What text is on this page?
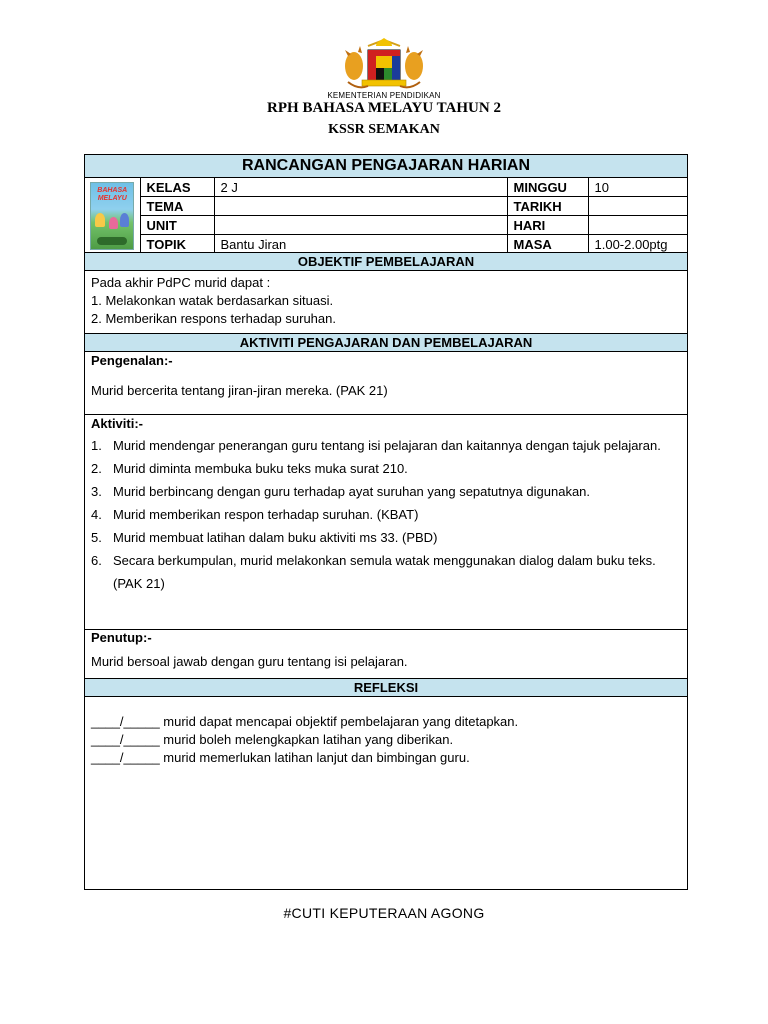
KEMENTERIAN PENDIDIKAN
RPH BAHASA MELAYU TAHUN 2
KSSR SEMAKAN
RANCANGAN PENGAJARAN HARIAN
BAHASA MELAYU	KELAS	2 J	MINGGU	10
	TEMA		TARIKH	
	UNIT		HARI	
	TOPIK	Bantu Jiran	MASA	1.00-2.00ptg
OBJEKTIF PEMBELAJARAN
Pada akhir PdPC murid dapat :
1. Melakonkan watak berdasarkan situasi.
2. Memberikan respons terhadap suruhan.
AKTIVITI PENGAJARAN DAN PEMBELAJARAN
Pengenalan:-
Murid bercerita tentang jiran-jiran mereka. (PAK 21)
Aktiviti:-
1. Murid mendengar penerangan guru tentang isi pelajaran dan kaitannya dengan tajuk pelajaran.
2. Murid diminta membuka buku teks muka surat 210.
3. Murid berbincang dengan guru terhadap ayat suruhan yang sepatutnya digunakan.
4. Murid memberikan respon terhadap suruhan. (KBAT)
5. Murid membuat latihan dalam buku aktiviti ms 33. (PBD)
6. Secara berkumpulan, murid melakonkan semula watak menggunakan dialog dalam buku teks. (PAK 21)
Penutup:-
Murid bersoal jawab dengan guru tentang isi pelajaran.
REFLEKSI
____/_____ murid dapat mencapai objektif pembelajaran yang ditetapkan.
____/_____ murid boleh melengkapkan latihan yang diberikan.
____/_____ murid memerlukan latihan lanjut dan bimbingan guru.
#CUTI KEPUTERAAN AGONG
